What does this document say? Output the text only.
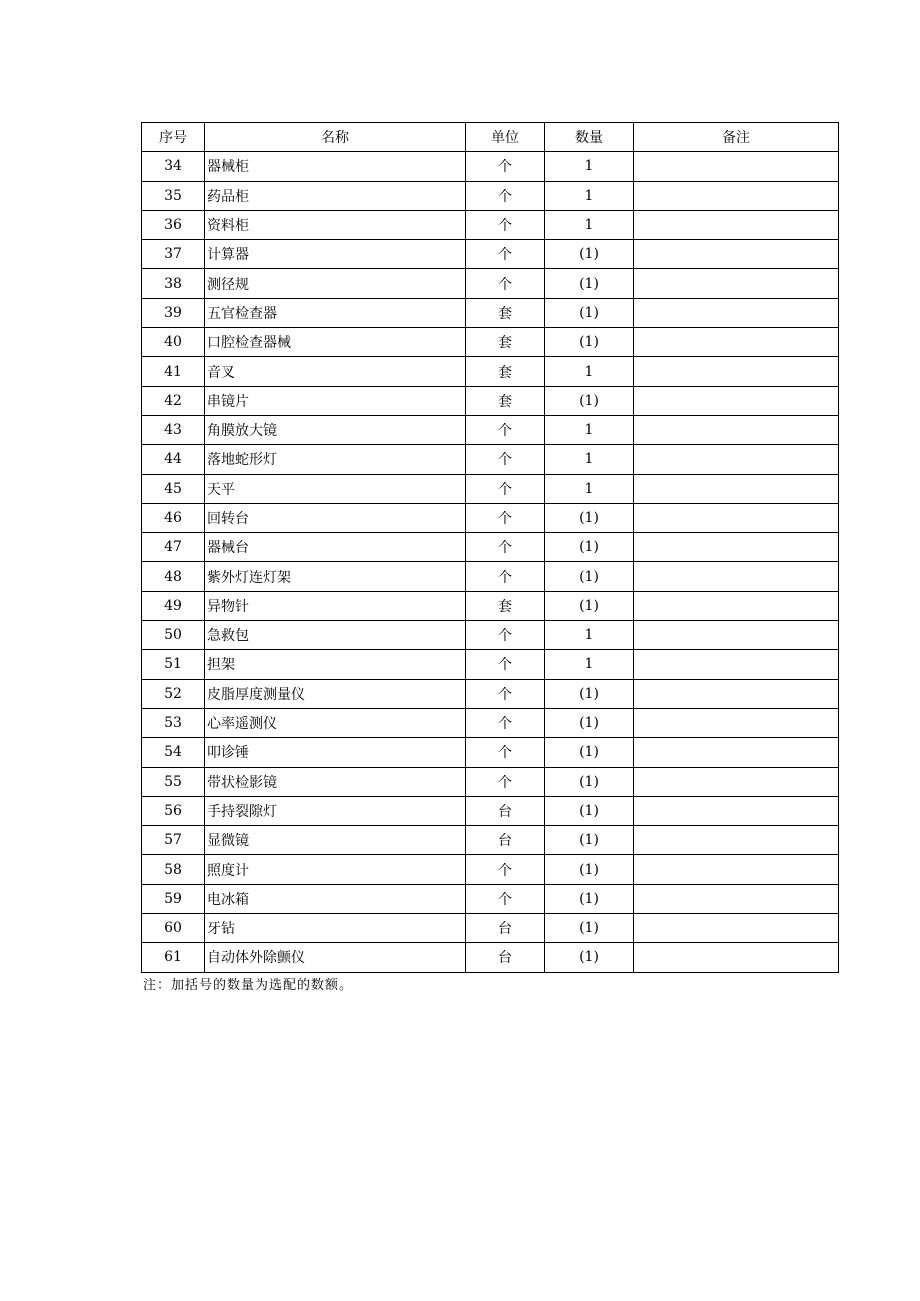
序号	名称	单位	数量	备注
34	器械柜	个	1	
35	药品柜	个	1	
36	资料柜	个	1	
37	计算器	个	(1)	
38	测径规	个	(1)	
39	五官检查器	套	(1)	
40	口腔检查器械	套	(1)	
41	音叉	套	1	
42	串镜片	套	(1)	
43	角膜放大镜	个	1	
44	落地蛇形灯	个	1	
45	天平	个	1	
46	回转台	个	(1)	
47	器械台	个	(1)	
48	紫外灯连灯架	个	(1)	
49	异物针	套	(1)	
50	急救包	个	1	
51	担架	个	1	
52	皮脂厚度测量仪	个	(1)	
53	心率遥测仪	个	(1)	
54	叩诊锤	个	(1)	
55	带状检影镜	个	(1)	
56	手持裂隙灯	台	(1)	
57	显微镜	台	(1)	
58	照度计	个	(1)	
59	电冰箱	个	(1)	
60	牙钻	台	(1)	
61	自动体外除颤仪	台	(1)	
注：加括号的数量为选配的数额。
